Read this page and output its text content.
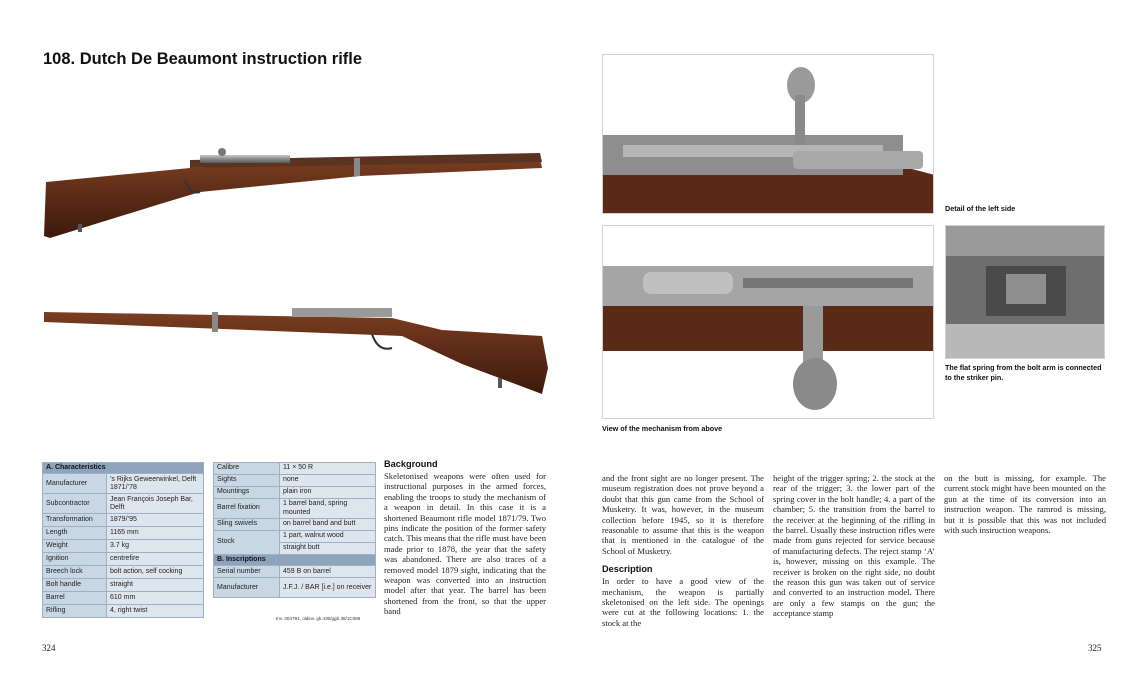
108. Dutch De Beaumont instruction rifle
Detail of the left side
View of the mechanism from above
The flat spring from the bolt arm is connected to the striker pin.
A. Characteristics	
Manufacturer	’s Rijks Geweerwinkel, Delft 1871/’78
Subcontractor	Jean François Joseph Bar, Delft
Transformation	1879/’95
Length	1165 mm
Weight	3.7 kg
Ignition	centrefire
Breech lock	bolt action, self cocking
Bolt handle	straight
Barrel	610 mm
Rifling	4, right twist
Calibre	11 × 50 R
Sights	none
Mountings	plain iron
Barrel fixation	1 barrel band, spring mounted
Sling swivels	on barrel band and butt
Stock	1 part, walnut wood
	straight butt
B. Inscriptions	
Serial number	459 B on barrel
Manufacturer	J.F.J. / BAR [i.e.] on receiver
Inv. 004794, oldinv. gk.430/ggb.38/1C086
Background

Skeletonised weapons were often used for instructional purposes in the armed forces, enabling the troops to study the mechanism of a weapon in detail. In this case it is a shortened Beaumont rifle model 1871/79. Two pins indicate the position of the former safety catch. This means that the rifle must have been made prior to 1878, the year that the safety was abandoned. There are also traces of a removed model 1879 sight, indicating that the weapon was converted into an instruction model after that year. The barrel has been shortened from the front, so that the upper band

and the front sight are no longer present. The museum registration does not prove beyond a doubt that this gun came from the School of Musketry. It was, however, in the museum collection before 1945, so it is therefore reasonable to assume that this is the weapon that is mentioned in the catalogue of the School of Musketry.

Description

In order to have a good view of the mechanism, the weapon is partially skeletonised on the left side. The openings were cut at the following locations: 1. the stock at the

height of the trigger spring; 2. the stock at the rear of the trigger; 3. the lower part of the spring cover in the bolt handle; 4. a part of the chamber; 5. the transition from the barrel to the receiver at the beginning of the rifling in the barrel. Usually these instruction rifles were made from guns rejected for service because of manufacturing defects. The reject stamp ‘A’ is, however, missing on this example. The receiver is broken on the right side, no doubt the reason this gun was taken out of service and converted to an instruction model. There are only a few stamps on the gun; the acceptance stamp

on the butt is missing, for example. The current stock might have been mounted on the gun at the time of its conversion into an instruction weapon. The ramrod is missing, but it is possible that this was not included with such instruction weapons.

324	325
